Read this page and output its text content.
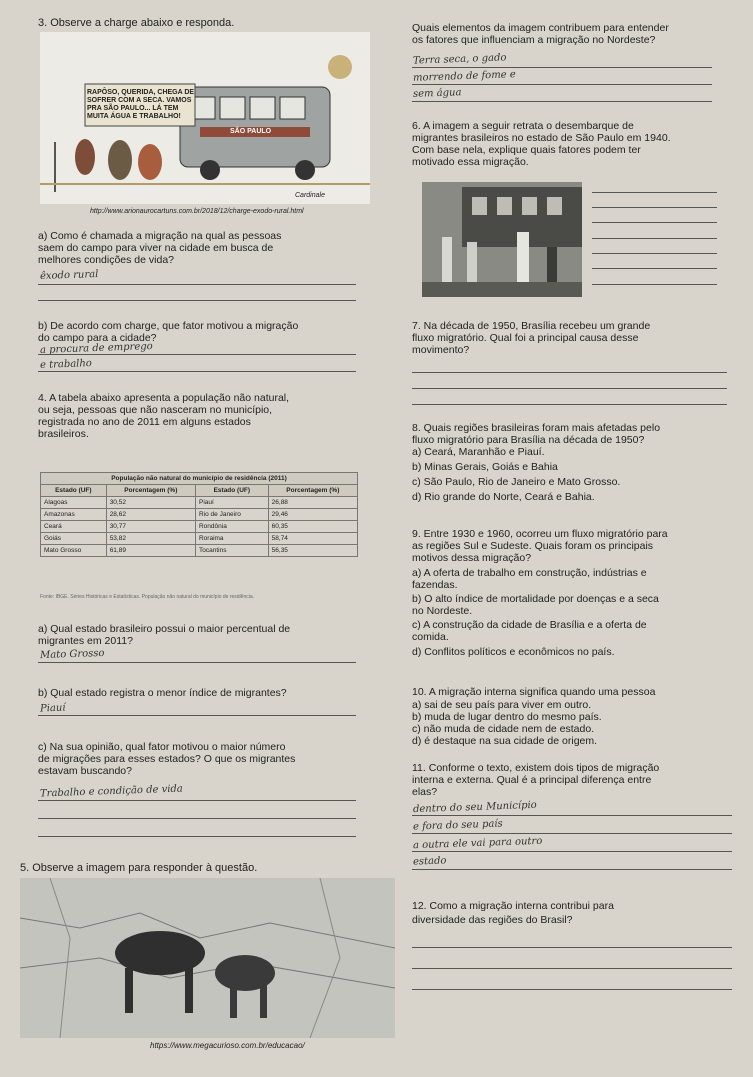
3. Observe a charge abaixo e responda.
RAPÔSO, QUERIDA, CHEGA DE
SOFRER COM A SECA. VAMOS
PRA SÃO PAULO... LÁ TEM
MUITA ÁGUA E TRABALHO!
SÃO PAULO
Cardinale
http://www.arionaurocartuns.com.br/2018/12/charge-exodo-rural.html
a) Como é chamada a migração na qual as pessoas
saem do campo para viver na cidade em busca de
melhores condições de vida?
êxodo rural
b) De acordo com charge, que fator motivou a migração
do campo para a cidade?
a procura de emprego
e trabalho
4. A tabela abaixo apresenta a população não natural,
ou seja, pessoas que não nasceram no município,
registrada no ano de 2011 em alguns estados
brasileiros.
População não natural do município de residência (2011)			
Estado (UF)	Porcentagem (%)	Estado (UF)	Porcentagem (%)
Alagoas	30,52	Piauí	26,88
Amazonas	28,62	Rio de Janeiro	29,46
Ceará	30,77	Rondônia	60,35
Goiás	53,82	Roraima	58,74
Mato Grosso	61,89	Tocantins	56,35
Fonte: IBGE. Séries Históricas e Estatísticas. População não natural do município de residência.
a) Qual estado brasileiro possui o maior percentual de
migrantes em 2011?
Mato Grosso
b) Qual estado registra o menor índice de migrantes?
Piauí
c) Na sua opinião, qual fator motivou o maior número
de migrações para esses estados? O que os migrantes
estavam buscando?
Trabalho e condição de vida
5. Observe a imagem para responder à questão.
https://www.megacurioso.com.br/educacao/
Quais elementos da imagem contribuem para entender
os fatores que influenciam a migração no Nordeste?
Terra seca, o gado
morrendo de fome e
sem água
6. A imagem a seguir retrata o desembarque de
migrantes brasileiros no estado de São Paulo em 1940.
Com base nela, explique quais fatores podem ter
motivado essa migração.
7. Na década de 1950, Brasília recebeu um grande
fluxo migratório. Qual foi a principal causa desse
movimento?
8. Quais regiões brasileiras foram mais afetadas pelo
fluxo migratório para Brasília na década de 1950?
a) Ceará, Maranhão e Piauí.
b) Minas Gerais, Goiás e Bahia
c) São Paulo, Rio de Janeiro e Mato Grosso.
d) Rio grande do Norte, Ceará e Bahia.
9. Entre 1930 e 1960, ocorreu um fluxo migratório para
as regiões Sul e Sudeste. Quais foram os principais
motivos dessa migração?
a) A oferta de trabalho em construção, indústrias e
fazendas.
b) O alto índice de mortalidade por doenças e a seca
no Nordeste.
c) A construção da cidade de Brasília e a oferta de
comida.
d) Conflitos políticos e econômicos no país.
10. A migração interna significa quando uma pessoa
a) sai de seu país para viver em outro.
b) muda de lugar dentro do mesmo país.
c) não muda de cidade nem de estado.
d) é destaque na sua cidade de origem.
11. Conforme o texto, existem dois tipos de migração
interna e externa. Qual é a principal diferença entre
elas?
dentro do seu Município
e fora do seu país
a outra ele vai para outro
estado
12. Como a migração interna contribui para
diversidade das regiões do Brasil?
